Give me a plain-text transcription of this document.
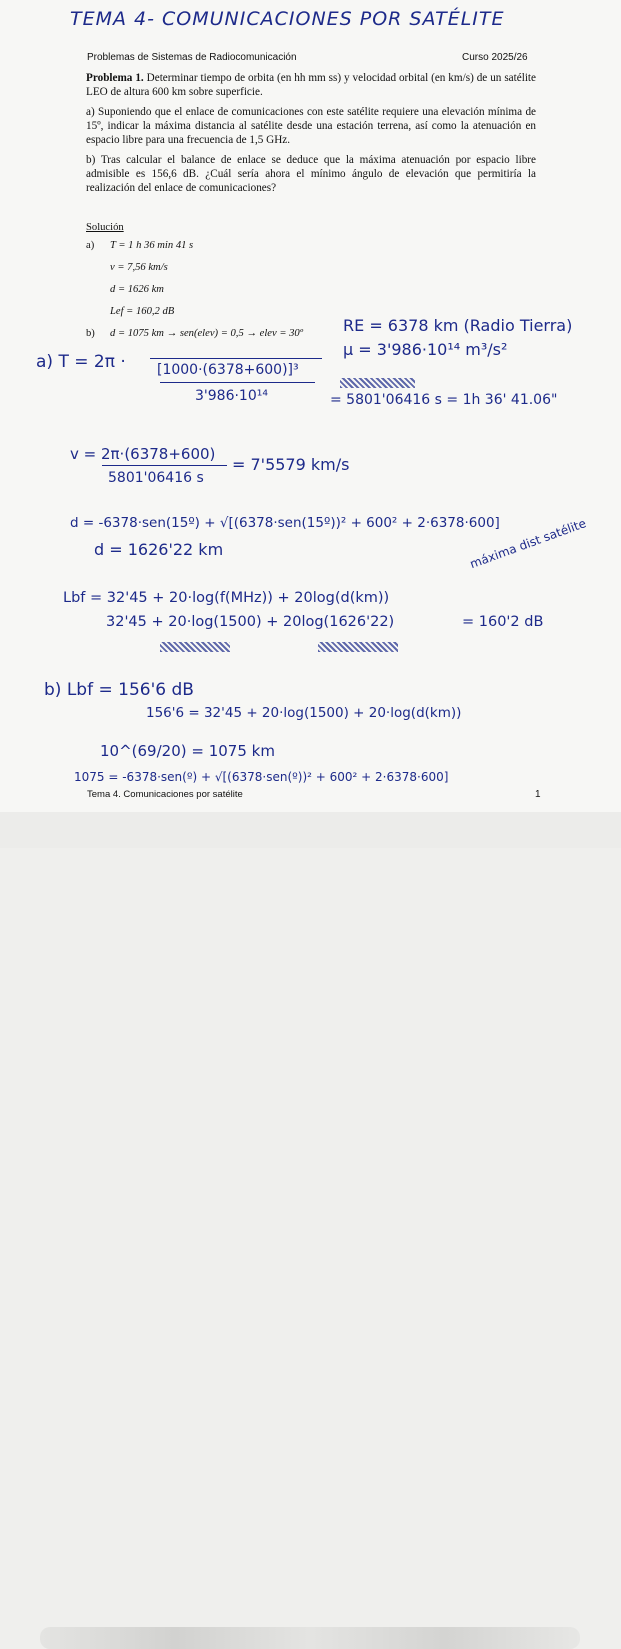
TEMA 4- COMUNICACIONES POR SATÉLITE
Problemas de Sistemas de Radiocomunicación	Curso 2025/26

Problema 1. Determinar tiempo de orbita (en hh mm ss) y velocidad orbital (en km/s) de un satélite LEO de altura 600 km sobre superficie.

a) Suponiendo que el enlace de comunicaciones con este satélite requiere una elevación mínima de 15º, indicar la máxima distancia al satélite desde una estación terrena, así como la atenuación en espacio libre para una frecuencia de 1,5 GHz.

b) Tras calcular el balance de enlace se deduce que la máxima atenuación por espacio libre admisible es 156,6 dB. ¿Cuál sería ahora el mínimo ángulo de elevación que permitiría la realización del enlace de comunicaciones?

Solución
a)	T = 1 h 36 min 41 s
v = 7,56 km/s
d = 1626 km
Lef = 160,2 dB
b)	d = 1075 km → sen(elev) = 0,5 → elev = 30º	RE = 6378 km (Radio Tierra)
μ = 3'986·10¹⁴ m³/s²
a) T = 2π · [1000·(6378+600)]³
3'986·10¹⁴	= 5801'06416 s = 1h 36' 41.06"
v = 2π·(6378+600)
5801'06416 s
= 7'5579 km/s
d = -6378·sen(15º) + √[(6378·sen(15º))² + 600² + 2·6378·600]
d = 1626'22 km	máxima dist satélite
Lbf = 32'45 + 20·log(f(MHz)) + 20log(d(km))
32'45 + 20·log(1500) + 20log(1626'22)	= 160'2 dB
b) Lbf = 156'6 dB
156'6 = 32'45 + 20·log(1500) + 20·log(d(km))
10^(69/20) = 1075 km
1075 = -6378·sen(º) + √[(6378·sen(º))² + 600² + 2·6378·600]
Tema 4. Comunicaciones por satélite	1
